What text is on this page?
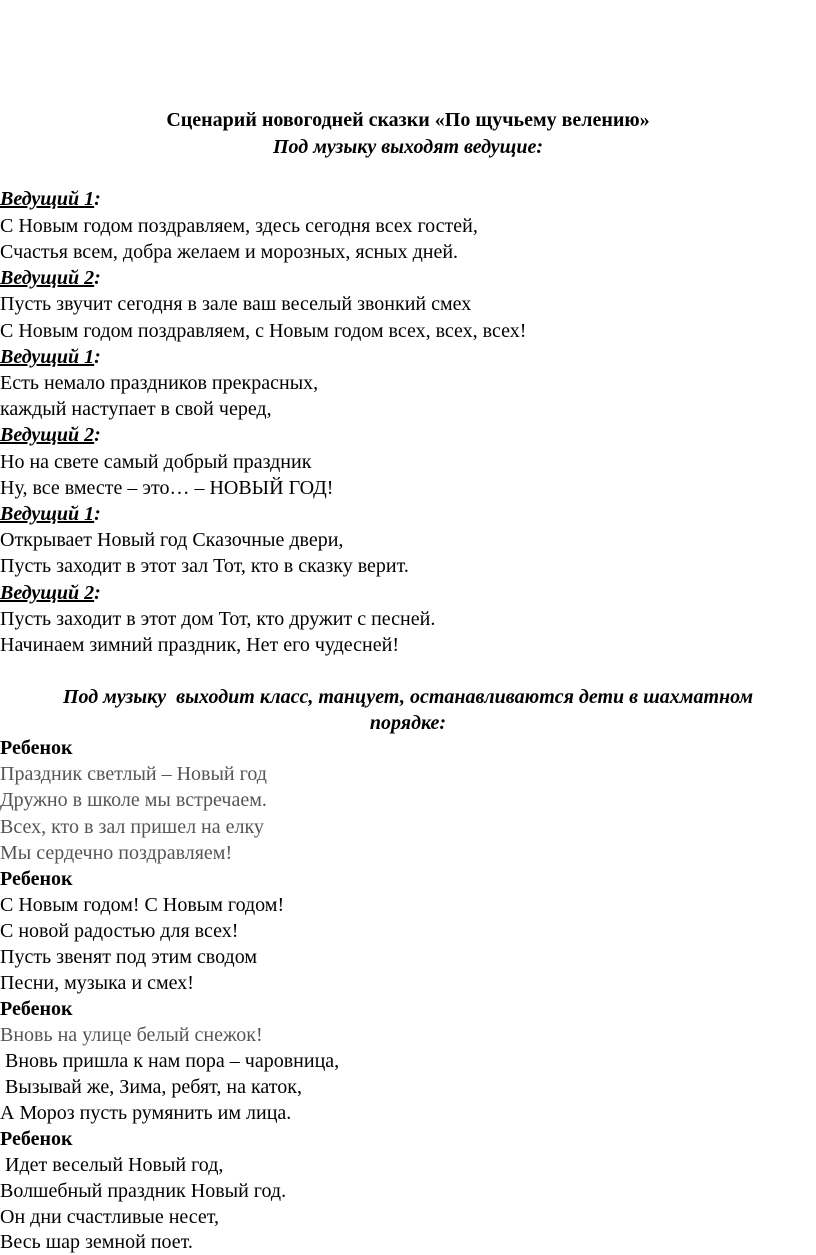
Сценарий новогодней сказки «По щучьему велению»
Под музыку выходят ведущие:
Ведущий 1:
С Новым годом поздравляем, здесь сегодня всех гостей,
Счастья всем, добра желаем и морозных, ясных дней.
Ведущий 2:
Пусть звучит сегодня в зале ваш веселый звонкий смех
С Новым годом поздравляем, с Новым годом всех, всех, всех!
Ведущий 1:
Есть немало праздников прекрасных,
каждый наступает в свой черед,
Ведущий 2:
Но на свете самый добрый праздник
Ну, все вместе – это… – НОВЫЙ ГОД!
Ведущий 1:
Открывает Новый год Сказочные двери,
Пусть заходит в этот зал Тот, кто в сказку верит.
Ведущий 2:
Пусть заходит в этот дом Тот, кто дружит с песней.
Начинаем зимний праздник, Нет его чудесней!
Под музыку  выходит класс, танцует, останавливаются дети в шахматном
порядке:
Ребенок
Праздник светлый – Новый год
Дружно в школе мы встречаем.
Всех, кто в зал пришел на елку
Мы сердечно поздравляем!
Ребенок
С Новым годом! С Новым годом!
С новой радостью для всех!
Пусть звенят под этим сводом
Песни, музыка и смех!
Ребенок
Вновь на улице белый снежок!
Вновь пришла к нам пора – чаровница,
Вызывай же, Зима, ребят, на каток,
А Мороз пусть румянить им лица.
Ребенок
Идет веселый Новый год,
Волшебный праздник Новый год.
Он дни счастливые несет,
Весь шар земной поет.
